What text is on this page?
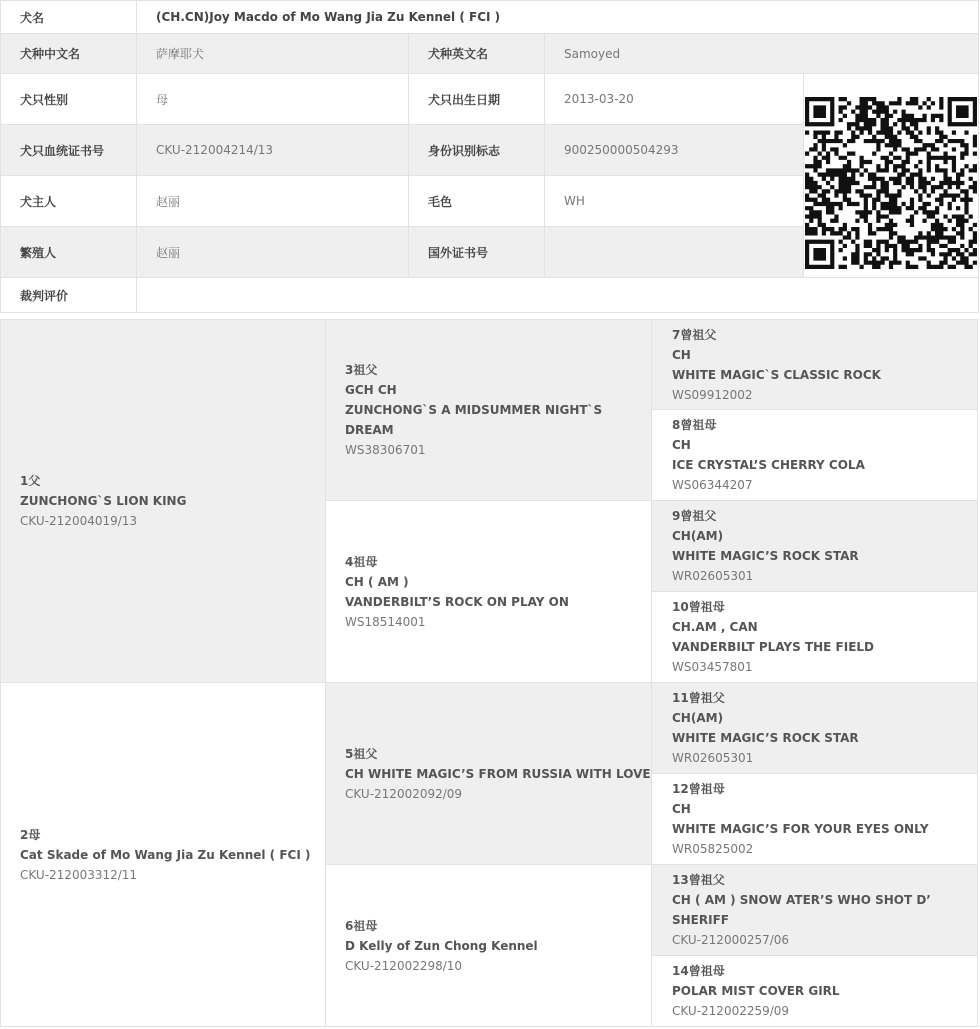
犬名	(CH.CN)Joy Macdo of Mo Wang Jia Zu Kennel ( FCI )			
犬种中文名	萨摩耶犬	犬种英文名	Samoyed	
犬只性别	母	犬只出生日期	2013-03-20	

犬只血统证书号	CKU-212004214/13	身份识别标志	900250000504293	
犬主人	赵丽	毛色	WH	
繁殖人	赵丽	国外证书号		
裁判评价				
1父
ZUNCHONG`S LION KING
CKU-212004019/13
2母
Cat Skade of Mo Wang Jia Zu Kennel ( FCI )
CKU-212003312/11
3祖父
GCH CH
ZUNCHONG`S A MIDSUMMER NIGHT`S DREAM
WS38306701
4祖母
CH ( AM )
VANDERBILT’S ROCK ON PLAY ON
WS18514001
5祖父
CH WHITE MAGIC’S FROM RUSSIA WITH LOVE
CKU-212002092/09
6祖母
D Kelly of Zun Chong Kennel
CKU-212002298/10
7曾祖父
CH
WHITE MAGIC`S CLASSIC ROCK
WS09912002
8曾祖母
CH
ICE CRYSTAL’S CHERRY COLA
WS06344207
9曾祖父
CH(AM)
WHITE MAGIC’S ROCK STAR
WR02605301
10曾祖母
CH.AM , CAN
VANDERBILT PLAYS THE FIELD
WS03457801
11曾祖父
CH(AM)
WHITE MAGIC’S ROCK STAR
WR02605301
12曾祖母
CH
WHITE MAGIC’S FOR YOUR EYES ONLY
WR05825002
13曾祖父
CH ( AM ) SNOW ATER’S WHO SHOT D’
SHERIFF
CKU-212000257/06
14曾祖母
POLAR MIST COVER GIRL
CKU-212002259/09
